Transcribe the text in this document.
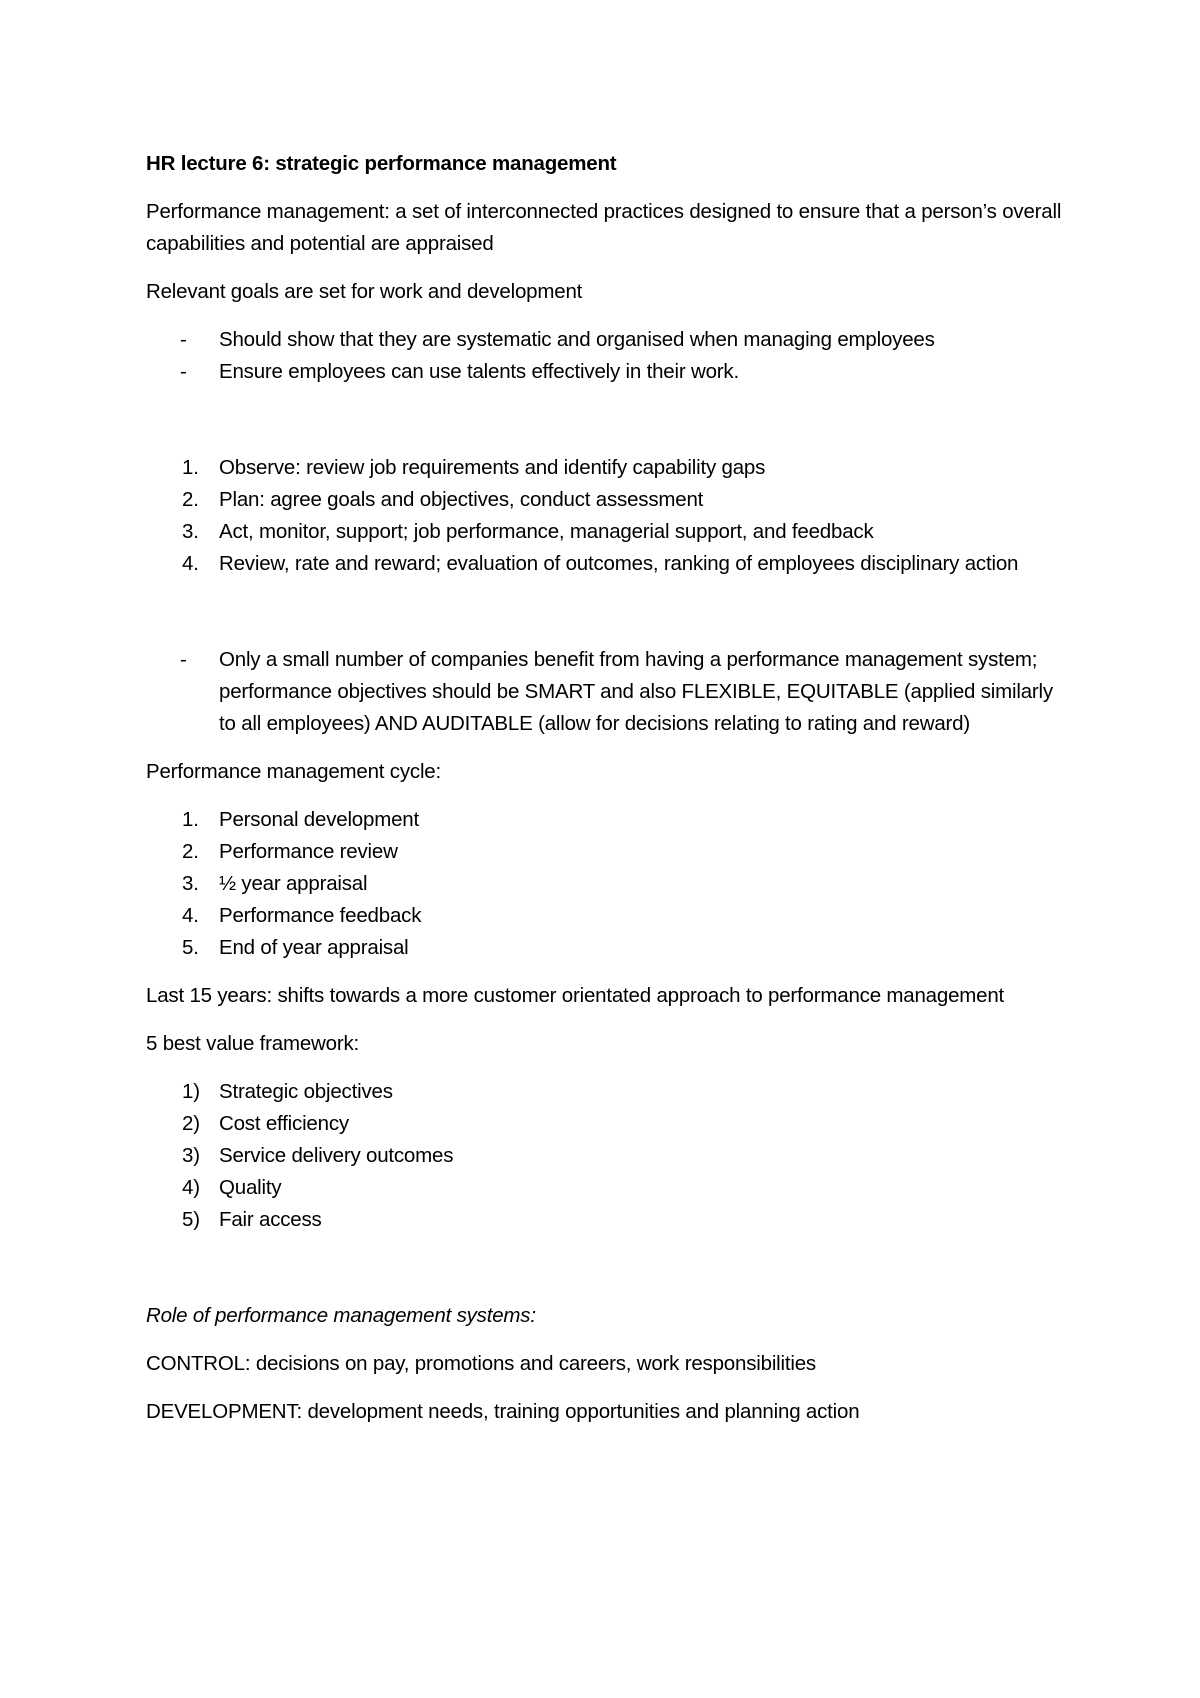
HR lecture 6: strategic performance management

Performance management: a set of interconnected practices designed to ensure that a person’s overall capabilities and potential are appraised

Relevant goals are set for work and development

- Should show that they are systematic and organised when managing employees
- Ensure employees can use talents effectively in their work.
1. Observe: review job requirements and identify capability gaps
2. Plan: agree goals and objectives, conduct assessment
3. Act, monitor, support; job performance, managerial support, and feedback
4. Review, rate and reward; evaluation of outcomes, ranking of employees disciplinary action
- Only a small number of companies benefit from having a performance management system; performance objectives should be SMART and also FLEXIBLE, EQUITABLE (applied similarly to all employees) AND AUDITABLE (allow for decisions relating to rating and reward)

Performance management cycle:

1. Personal development
2. Performance review
3. ½ year appraisal
4. Performance feedback
5. End of year appraisal

Last 15 years: shifts towards a more customer orientated approach to performance management

5 best value framework:

1) Strategic objectives
2) Cost efficiency
3) Service delivery outcomes
4) Quality
5) Fair access

Role of performance management systems:

CONTROL: decisions on pay, promotions and careers, work responsibilities

DEVELOPMENT: development needs, training opportunities and planning action
